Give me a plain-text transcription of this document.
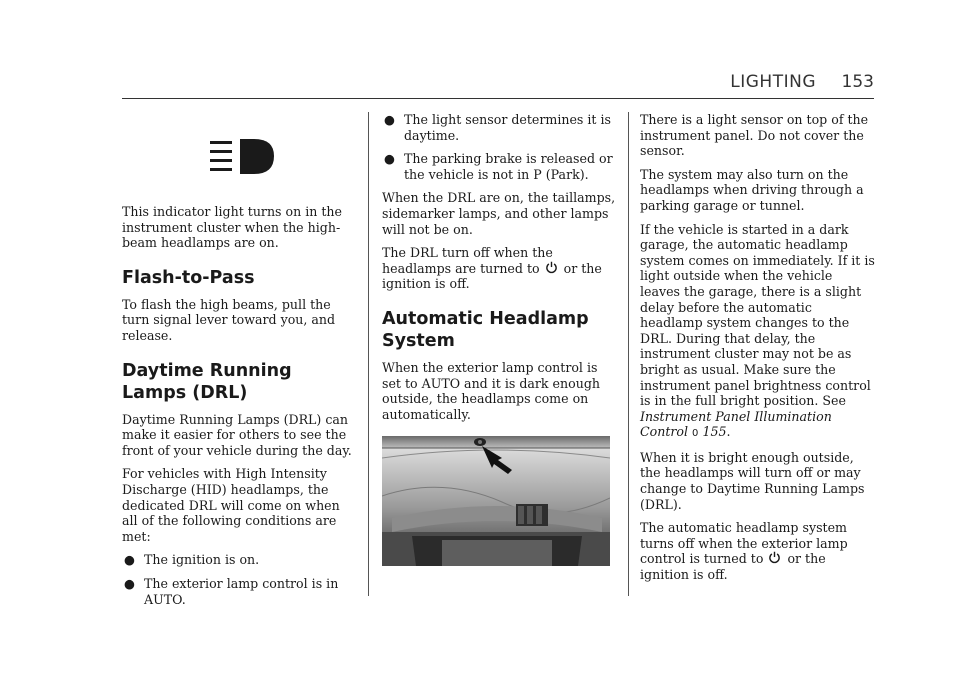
LIGHTING 153

This indicator light turns on in the instrument cluster when the high-beam headlamps are on.

Flash-to-Pass

To flash the high beams, pull the turn signal lever toward you, and release.

Daytime Running
Lamps (DRL)

Daytime Running Lamps (DRL) can make it easier for others to see the front of your vehicle during the day.

For vehicles with High Intensity Discharge (HID) headlamps, the dedicated DRL will come on when all of the following conditions are met:

● The ignition is on.
● The exterior lamp control is in AUTO.
● The light sensor determines it is daytime.
● The parking brake is released or the vehicle is not in P (Park).

When the DRL are on, the taillamps, sidemarker lamps, and other lamps will not be on.

The DRL turn off when the headlamps are turned to or the ignition is off.

Automatic Headlamp
System

When the exterior lamp control is set to AUTO and it is dark enough outside, the headlamps come on automatically.

There is a light sensor on top of the instrument panel. Do not cover the sensor.

The system may also turn on the headlamps when driving through a parking garage or tunnel.

If the vehicle is started in a dark garage, the automatic headlamp system comes on immediately. If it is light outside when the vehicle leaves the garage, there is a slight delay before the automatic headlamp system changes to the DRL. During that delay, the instrument cluster may not be as bright as usual. Make sure the instrument panel brightness control is in the full bright position. See Instrument Panel Illumination Control 0 155.

When it is bright enough outside, the headlamps will turn off or may change to Daytime Running Lamps (DRL).

The automatic headlamp system turns off when the exterior lamp control is turned to or the ignition is off.
